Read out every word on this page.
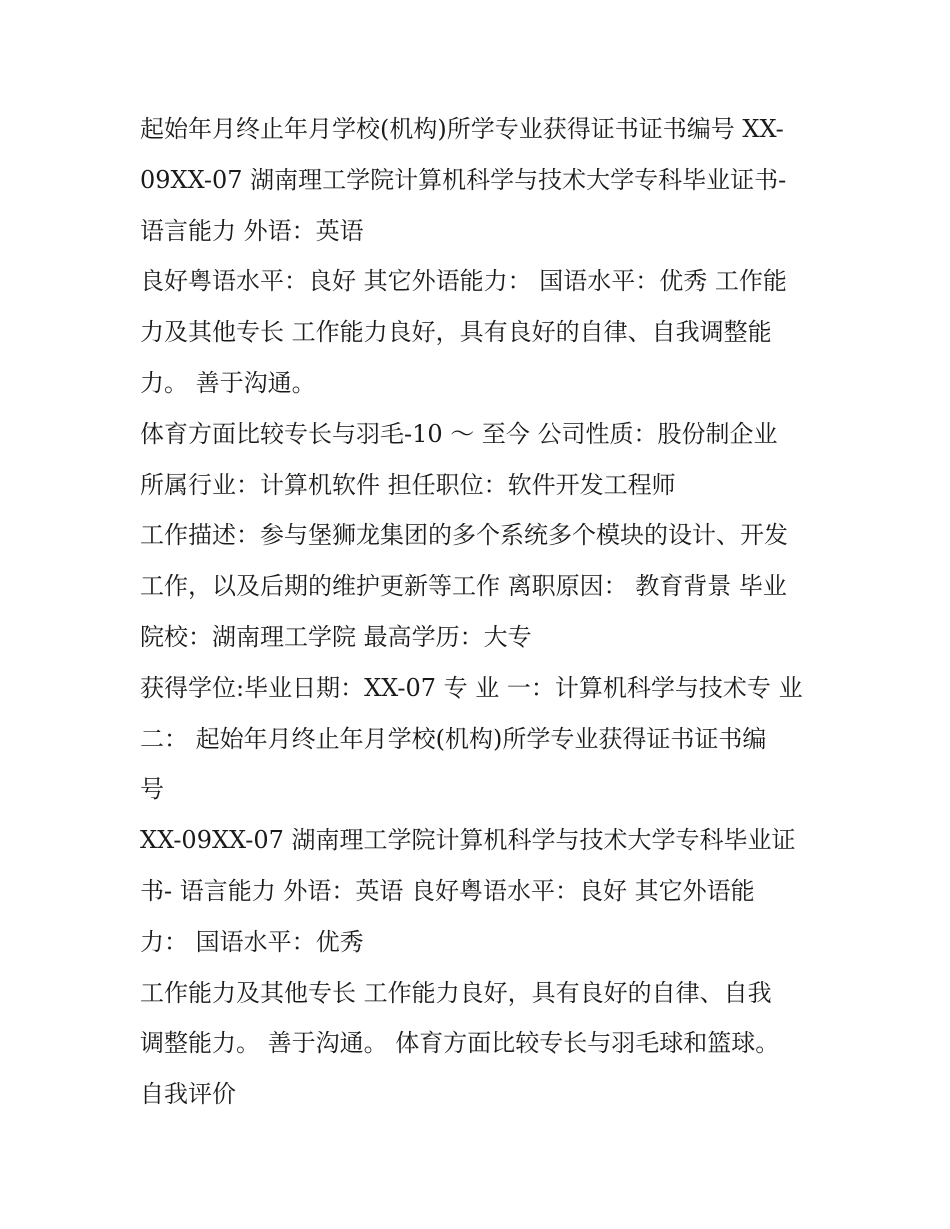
起始年月终止年月学校(机构)所学专业获得证书证书编号 XX-
09XX-07 湖南理工学院计算机科学与技术大学专科毕业证书-
语言能力 外语：英语
良好粤语水平：良好 其它外语能力： 国语水平：优秀 工作能
力及其他专长 工作能力良好，具有良好的自律、自我调整能
力。 善于沟通。
体育方面比较专长与羽毛-10 ～ 至今 公司性质：股份制企业
所属行业：计算机软件 担任职位：软件开发工程师
工作描述：参与堡狮龙集团的多个系统多个模块的设计、开发
工作，以及后期的维护更新等工作 离职原因： 教育背景 毕业
院校：湖南理工学院 最高学历：大专
获得学位:毕业日期：XX-07 专 业 一：计算机科学与技术专 业
二： 起始年月终止年月学校(机构)所学专业获得证书证书编
号
XX-09XX-07 湖南理工学院计算机科学与技术大学专科毕业证
书- 语言能力 外语：英语 良好粤语水平：良好 其它外语能
力： 国语水平：优秀
工作能力及其他专长 工作能力良好，具有良好的自律、自我
调整能力。 善于沟通。 体育方面比较专长与羽毛球和篮球。
自我评价
